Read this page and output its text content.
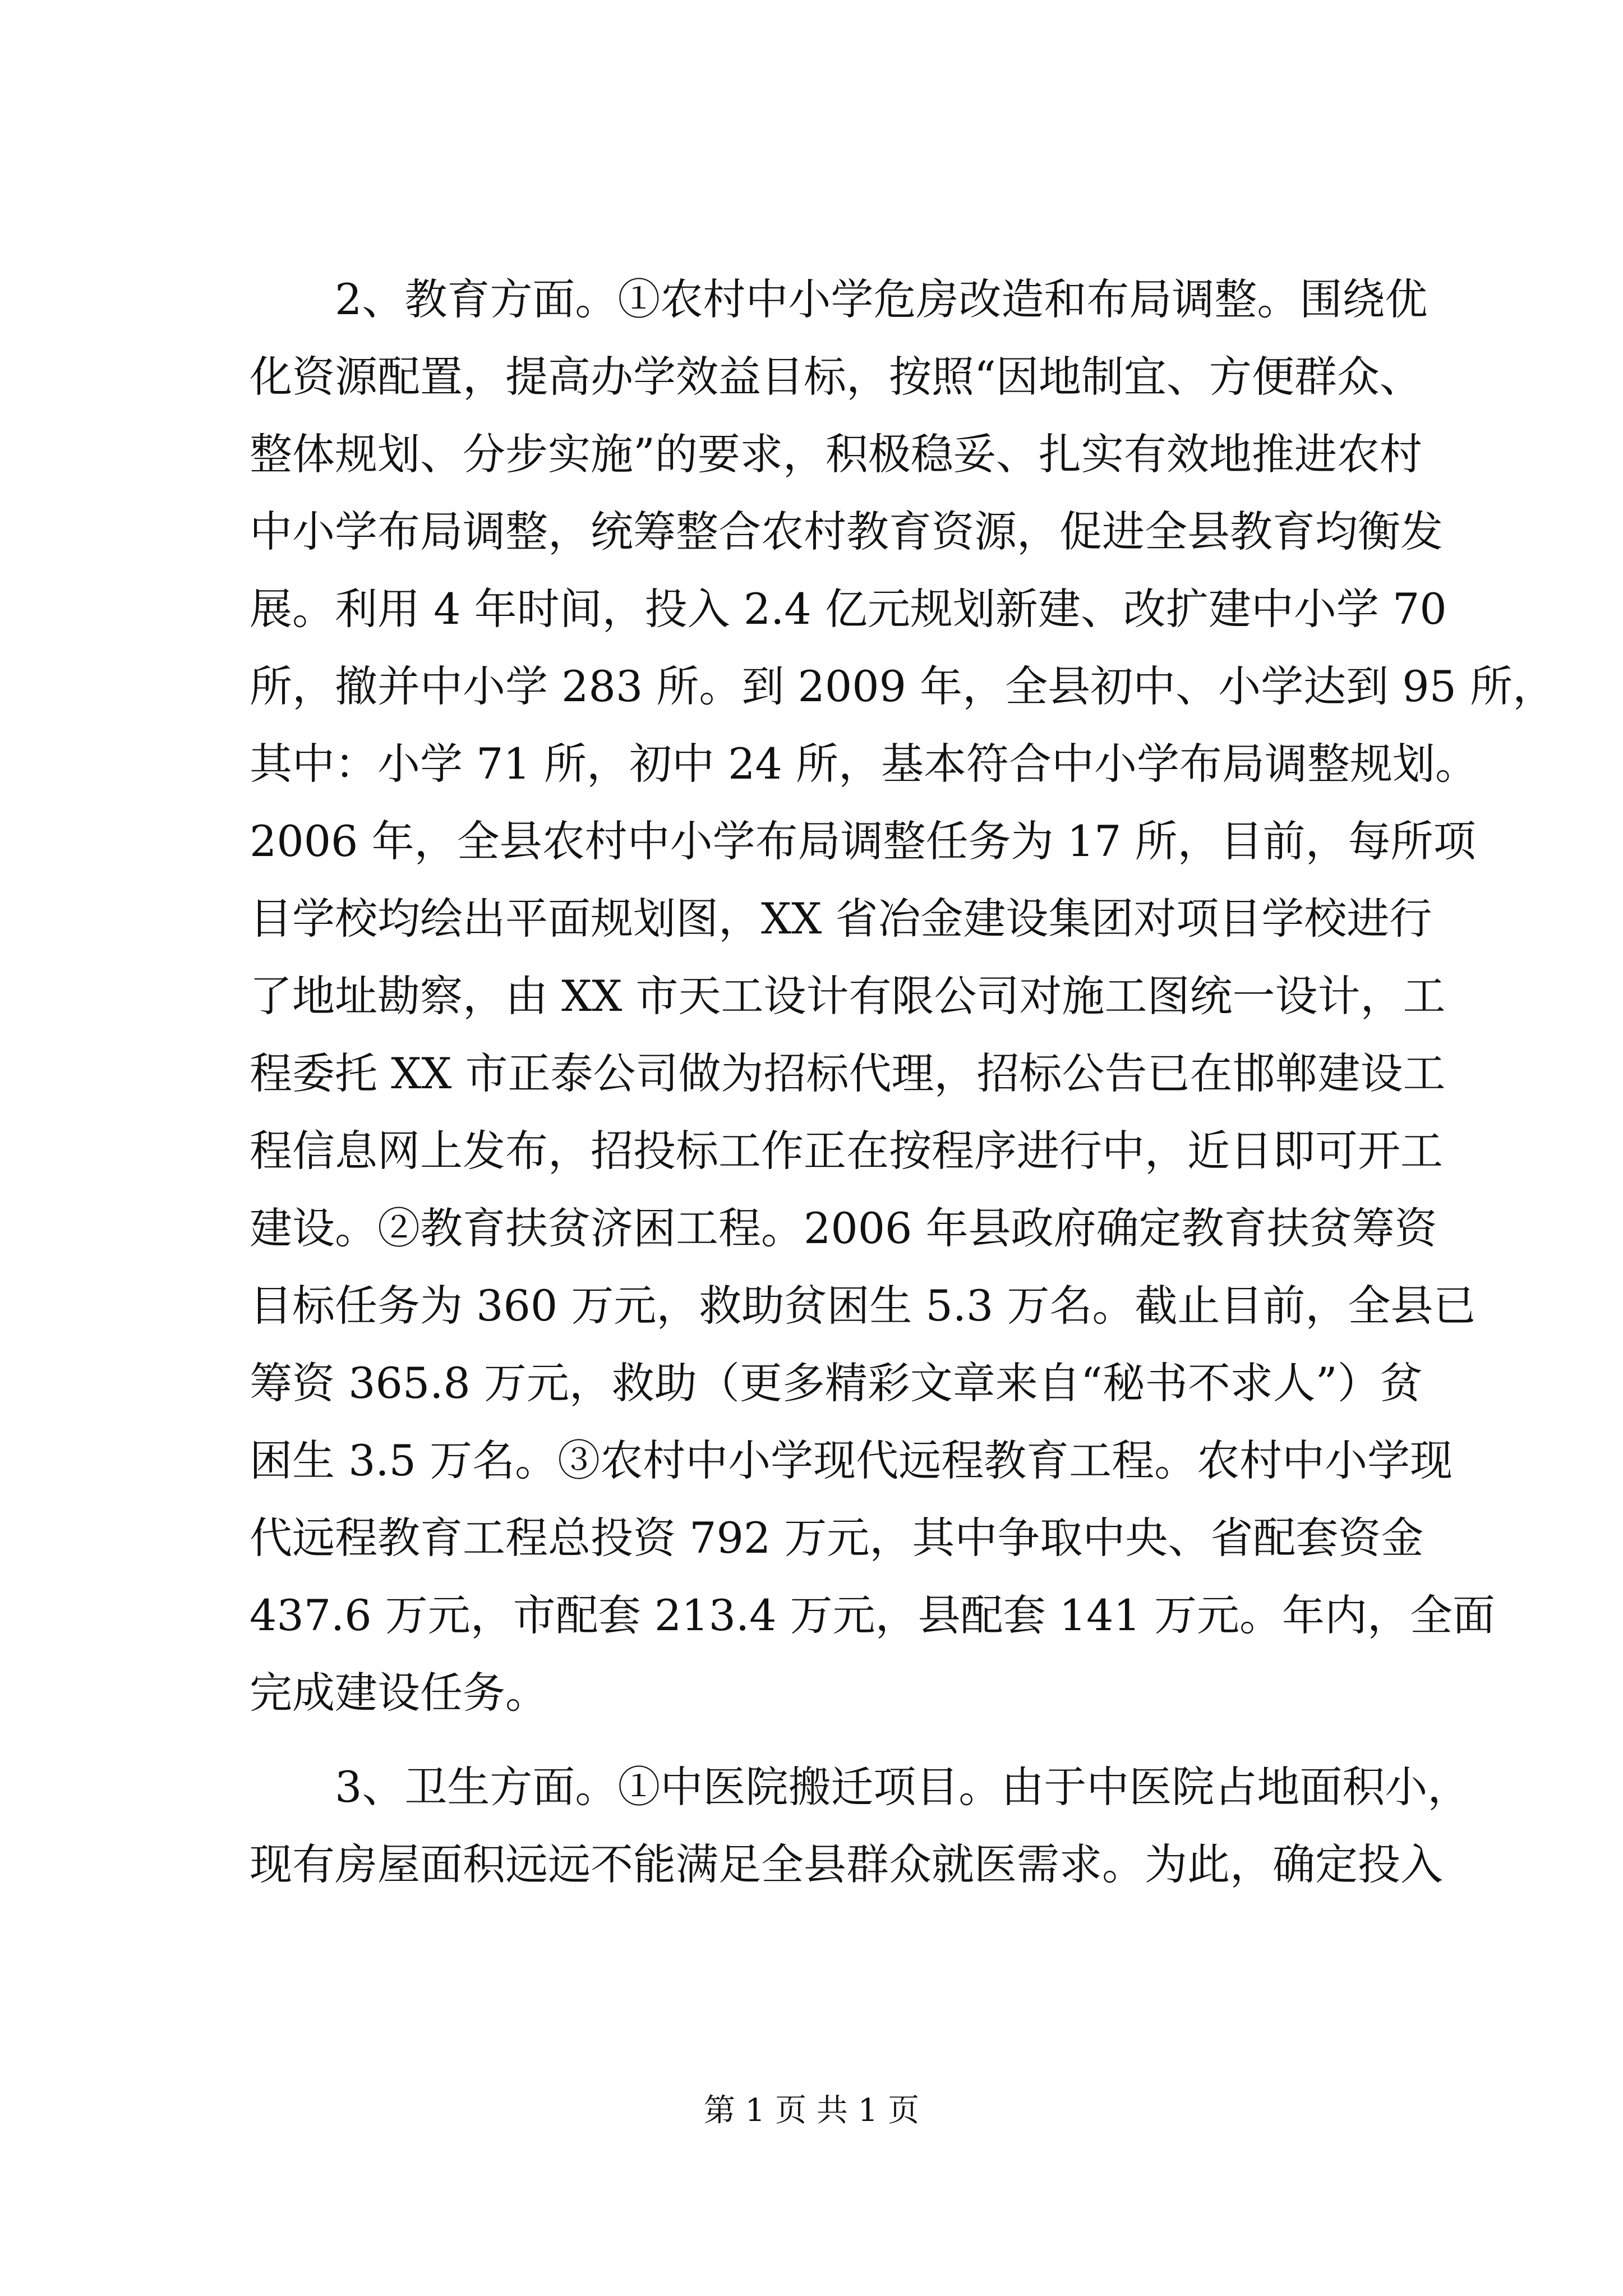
2、教育方面。①农村中小学危房改造和布局调整。围绕优
化资源配置，提高办学效益目标，按照“因地制宜、方便群众、
整体规划、分步实施”的要求，积极稳妥、扎实有效地推进农村
中小学布局调整，统筹整合农村教育资源，促进全县教育均衡发
展。利用 4 年时间，投入 2.4 亿元规划新建、改扩建中小学 70
所，撤并中小学 283 所。到 2009 年，全县初中、小学达到 95 所，
其中：小学 71 所，初中 24 所，基本符合中小学布局调整规划。
2006 年，全县农村中小学布局调整任务为 17 所，目前，每所项
目学校均绘出平面规划图，XX 省冶金建设集团对项目学校进行
了地址勘察，由 XX 市天工设计有限公司对施工图统一设计，工
程委托 XX 市正泰公司做为招标代理，招标公告已在邯郸建设工
程信息网上发布，招投标工作正在按程序进行中，近日即可开工
建设。②教育扶贫济困工程。2006 年县政府确定教育扶贫筹资
目标任务为 360 万元，救助贫困生 5.3 万名。截止目前，全县已
筹资 365.8 万元，救助（更多精彩文章来自“秘书不求人”）贫
困生 3.5 万名。③农村中小学现代远程教育工程。农村中小学现
代远程教育工程总投资 792 万元，其中争取中央、省配套资金
437.6 万元，市配套 213.4 万元，县配套 141 万元。年内，全面
完成建设任务。
3、卫生方面。①中医院搬迁项目。由于中医院占地面积小，
现有房屋面积远远不能满足全县群众就医需求。为此，确定投入
第 1 页 共 1 页
